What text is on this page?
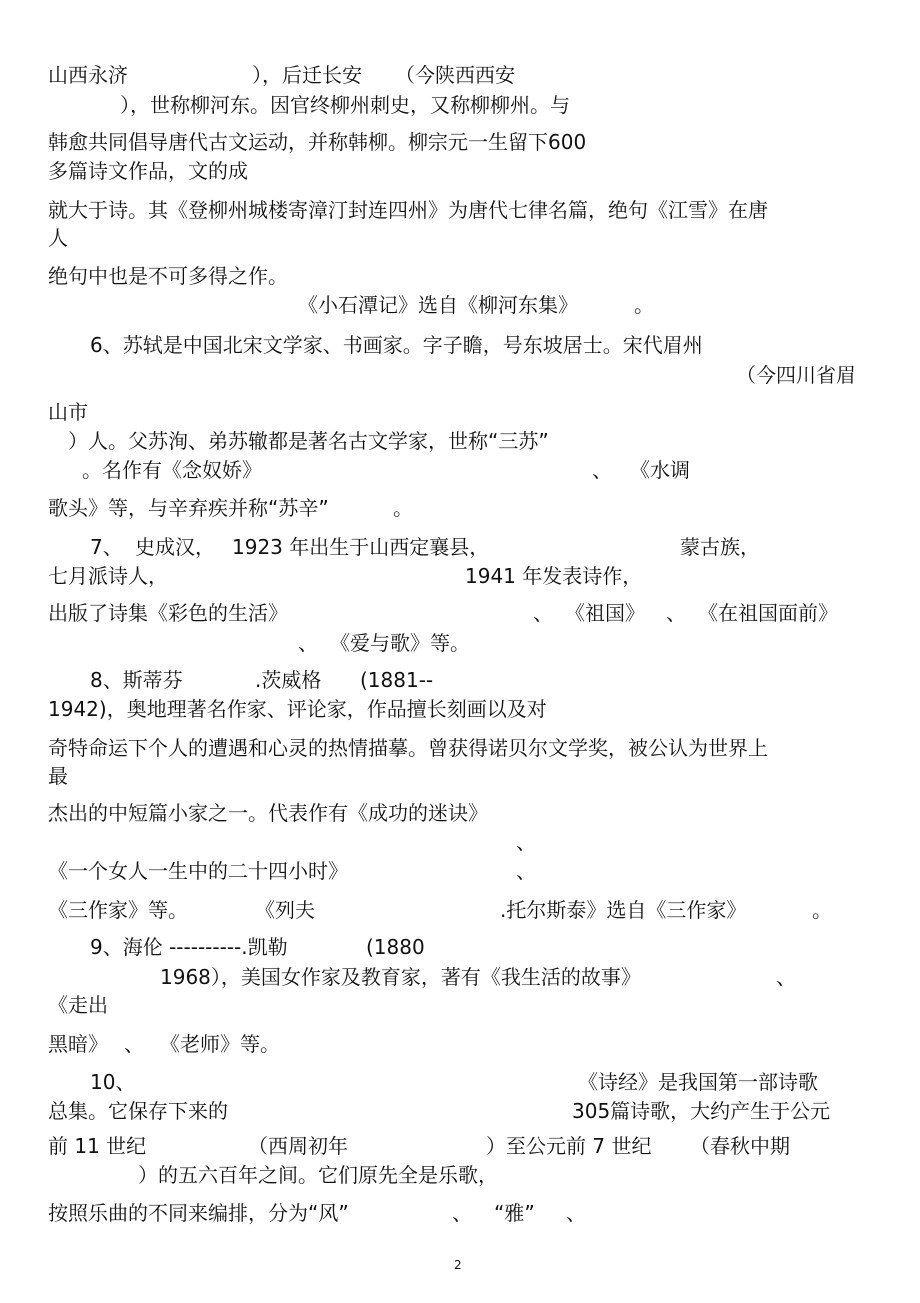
山西永济	），后迁长安 （今陕西西安
），世称柳河东。因官终柳州刺史，又称柳柳州。与
韩愈共同倡导唐代古文运动，并称韩柳。柳宗元一生留下600
多篇诗文作品，文的成
就大于诗。其《登柳州城楼寄漳汀封连四州》为唐代七律名篇，绝句《江雪》在唐
人
绝句中也是不可多得之作。
《小石潭记》选自《柳河东集》	。
6、苏轼是中国北宋文学家、书画家。字子瞻，号东坡居士。宋代眉州
（今四川省眉
山市
）人。父苏洵、弟苏辙都是著名古文学家，世称“三苏”
。名作有《念奴娇》	、 《水调
歌头》等，与辛弃疾并称“苏辛”	。
7、 史成汉， 1923 年出生于山西定襄县，	蒙古族，
七月派诗人，	1941 年发表诗作，
出版了诗集《彩色的生活》	、 《祖国》 、 《在祖国面前》
、 《爱与歌》等。
8、斯蒂芬	.茨威格 (1881--
1942)，奥地理著名作家、评论家，作品擅长刻画以及对
奇特命运下个人的遭遇和心灵的热情描摹。曾获得诺贝尔文学奖，被公认为世界上
最
杰出的中短篇小家之一。代表作有《成功的迷诀》
、
《一个女人一生中的二十四小时》	、
《三作家》等。	《列夫	.托尔斯泰》选自《三作家》	。
9、海伦 ----------.凯勒	(1880
1968），美国女作家及教育家，著有《我生活的故事》	、
《走出
黑暗》 、 《老师》等。
10、	《诗经》是我国第一部诗歌
总集。它保存下来的	305篇诗歌，大约产生于公元
前 11 世纪	（西周初年	）至公元前 7 世纪 （春秋中期
）的五六百年之间。它们原先全是乐歌，
按照乐曲的不同来编排，分为“风”	、 “雅” 、
2
